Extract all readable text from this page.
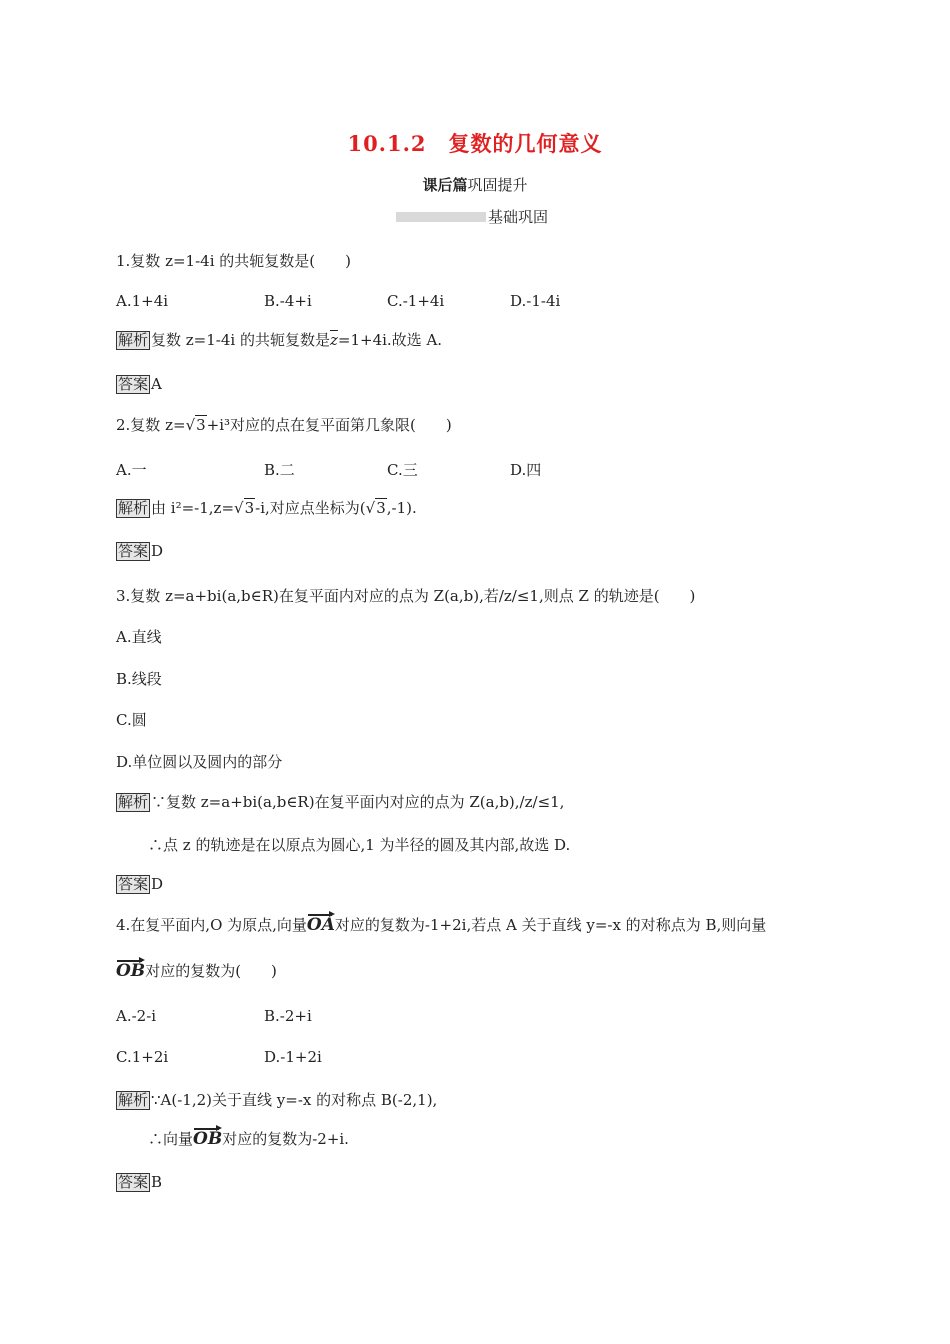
10.1.2　复数的几何意义
课后篇巩固提升
基础巩固
1.复数 z=1-4i 的共轭复数是(　　)
A.1+4i	B.-4+i	C.-1+4i	D.-1-4i
解析 复数 z=1-4i 的共轭复数是$\overline{z}=1+4i$.故选 A.
答案 A
2.复数 z=√3+i³对应的点在复平面第几象限(　　)
A.一	B.二	C.三	D.四
解析 由 i²=-1,z=√3-i,对应点坐标为(√3,-1).
答案 D
3.复数 z=a+bi(a,b∈R)在复平面内对应的点为 Z(a,b),若/z/≤1,则点 Z 的轨迹是(　　)
A.直线
B.线段
C.圆
D.单位圆以及圆内的部分
解析 ∵复数 z=a+bi(a,b∈R)在复平面内对应的点为 Z(a,b),/z/≤1,
∴点 z 的轨迹是在以原点为圆心,1 为半径的圆及其内部,故选 D.
答案 D
4.在复平面内,O 为原点,向量OA对应的复数为-1+2i,若点 A 关于直线 y=-x 的对称点为 B,则向量
OB对应的复数为(　　)
A.-2-i	B.-2+i
C.1+2i	D.-1+2i
解析 ∵A(-1,2)关于直线 y=-x 的对称点 B(-2,1),
∴向量OB对应的复数为-2+i.
答案 B
